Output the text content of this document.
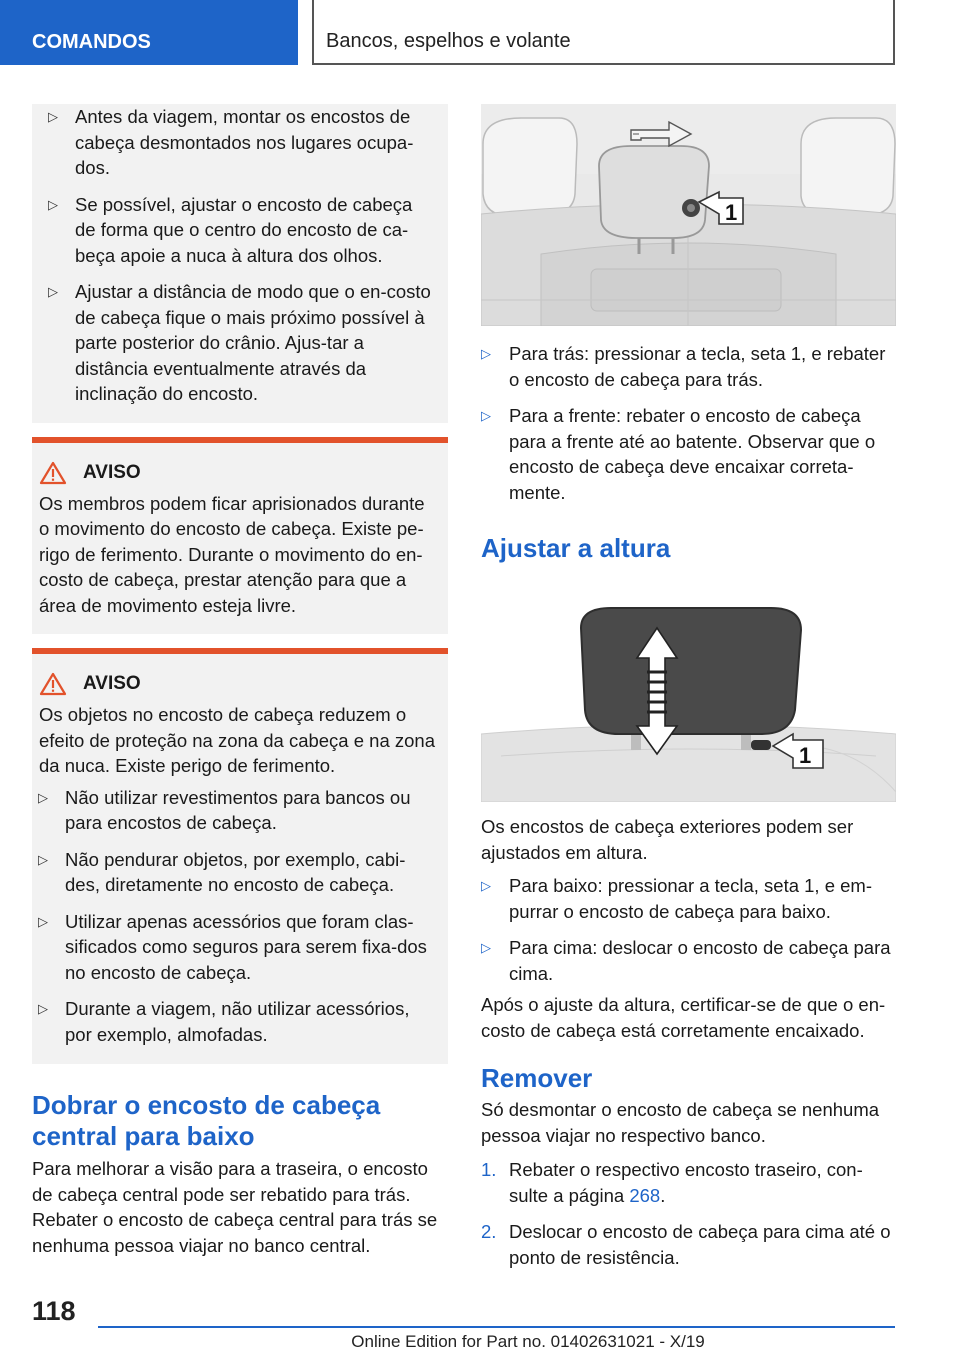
COMANDOS	Bancos, espelhos e volante
▷ Antes da viagem, montar os encostos de cabeça desmontados nos lugares ocupa-dos.
▷ Se possível, ajustar o encosto de cabeça de forma que o centro do encosto de ca-beça apoie a nuca à altura dos olhos.
▷ Ajustar a distância de modo que o en-costo de cabeça fique o mais próximo possível à parte posterior do crânio. Ajus-tar a distância eventualmente através da inclinação do encosto.
AVISO

Os membros podem ficar aprisionados durante o movimento do encosto de cabeça. Existe pe-rigo de ferimento. Durante o movimento do en-costo de cabeça, prestar atenção para que a área de movimento esteja livre.

AVISO

Os objetos no encosto de cabeça reduzem o efeito de proteção na zona da cabeça e na zona da nuca. Existe perigo de ferimento.

▷ Não utilizar revestimentos para bancos ou para encostos de cabeça.
▷ Não pendurar objetos, por exemplo, cabi-des, diretamente no encosto de cabeça.
▷ Utilizar apenas acessórios que foram clas-sificados como seguros para serem fixa-dos no encosto de cabeça.
▷ Durante a viagem, não utilizar acessórios, por exemplo, almofadas.
Dobrar o encosto de cabeça central para baixo

Para melhorar a visão para a traseira, o encosto de cabeça central pode ser rebatido para trás. Rebater o encosto de cabeça central para trás se nenhuma pessoa viajar no banco central.

1
▷ Para trás: pressionar a tecla, seta 1, e rebater o encosto de cabeça para trás.
▷ Para a frente: rebater o encosto de cabeça para a frente até ao batente. Observar que o encosto de cabeça deve encaixar correta-mente.
Ajustar a altura
1

Os encostos de cabeça exteriores podem ser ajustados em altura.

▷ Para baixo: pressionar a tecla, seta 1, e em-purrar o encosto de cabeça para baixo.
▷ Para cima: deslocar o encosto de cabeça para cima.

Após o ajuste da altura, certificar-se de que o en-costo de cabeça está corretamente encaixado.

Remover

Só desmontar o encosto de cabeça se nenhuma pessoa viajar no respectivo banco.

1. Rebater o respectivo encosto traseiro, con-sulte a página 268.
2. Deslocar o encosto de cabeça para cima até o ponto de resistência.
118
Online Edition for Part no. 01402631021 - X/19
